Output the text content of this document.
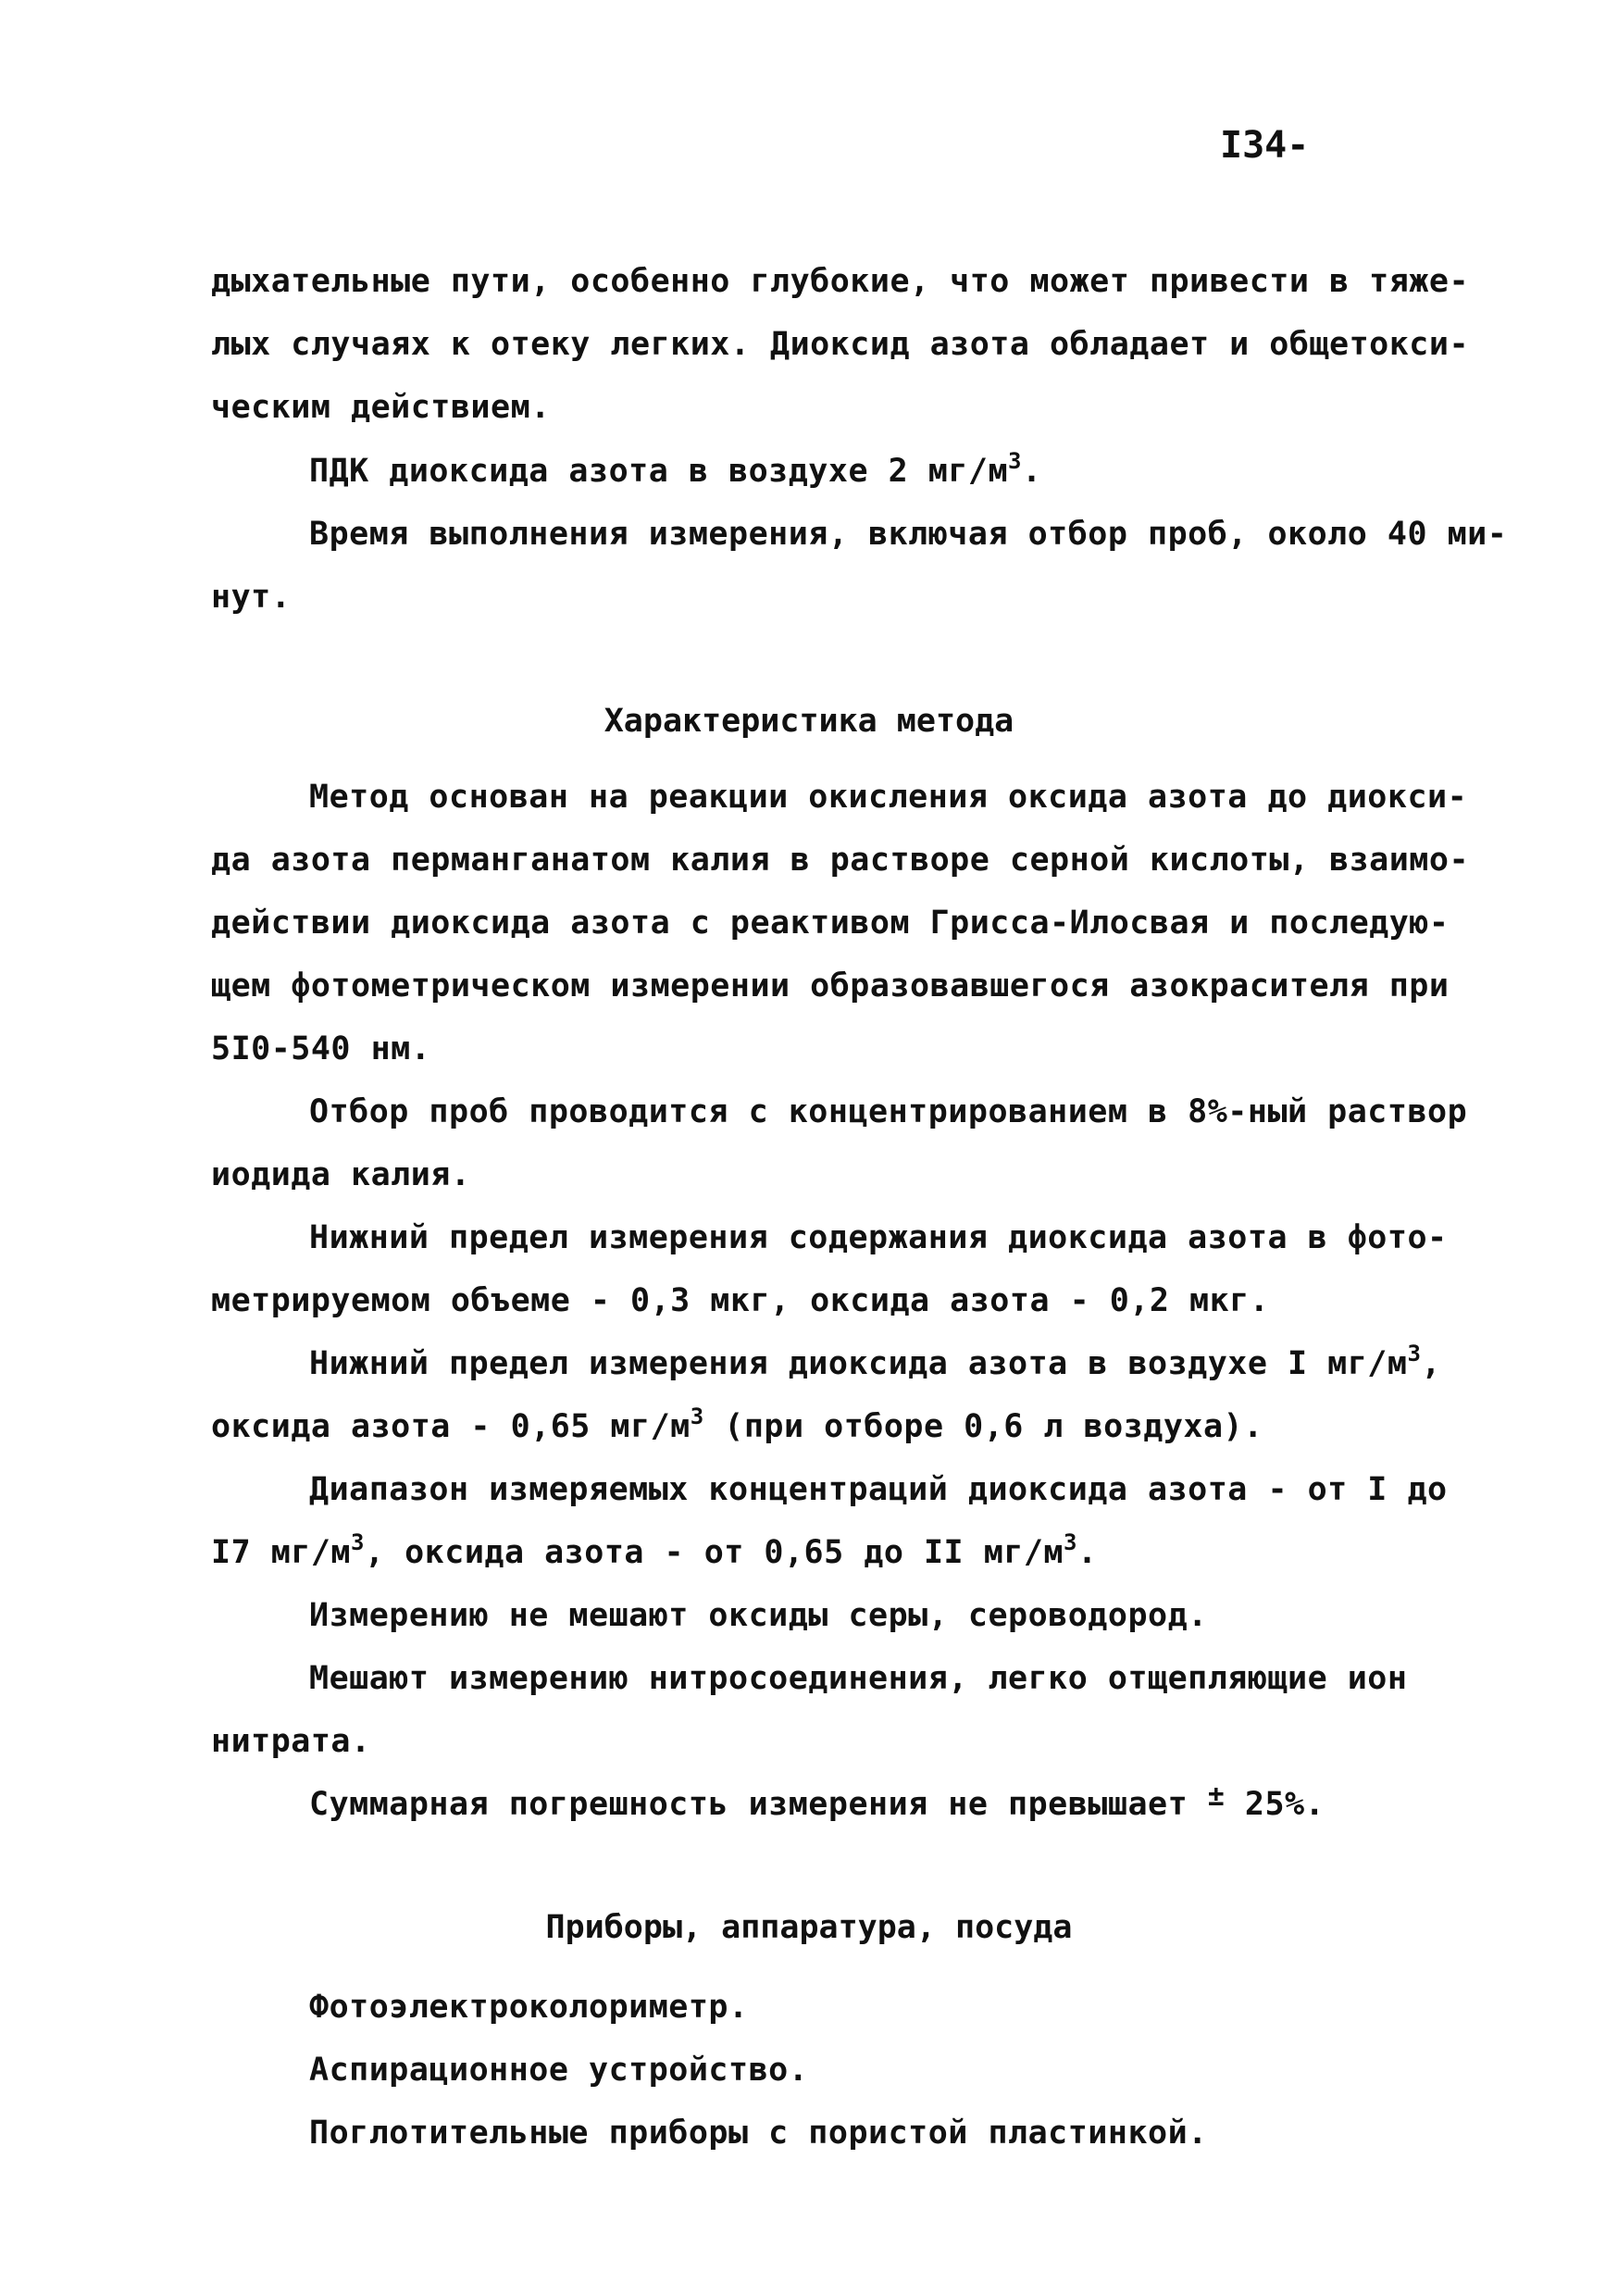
I34-
дыхательные пути, особенно глубокие, что может привести в тяже-
лых случаях к отеку легких. Диоксид азота обладает и общетокси-
ческим действием.
ПДК диоксида азота в воздухе 2 $мг/м^3$.
Время выполнения измерения, включая отбор проб, около 40 ми-
нут.
Характеристика метода
Метод основан на реакции окисления оксида азота до диокси-
да азота перманганатом калия в растворе серной кислоты, взаимо-
действии диоксида азота с реактивом Грисса-Илосвая и последую-
щем фотометрическом измерении образовавшегося азокрасителя при
5I0-540 нм.
Отбор проб проводится с концентрированием в 8%-ный раствор
иодида калия.
Нижний предел измерения содержания диоксида азота в фото-
метрируемом объеме - 0,3 мкг, оксида азота - 0,2 мкг.
Нижний предел измерения диоксида азота в воздухе I $мг/м^3$,
оксида азота - 0,65 $мг/м^3$ (при отборе 0,6 л воздуха).
Диапазон измеряемых концентраций диоксида азота - от I до
I7 $мг/м^3$, оксида азота - от 0,65 до II $мг/м^3$.
Измерению не мешают оксиды серы, сероводород.
Мешают измерению нитросоединения, легко отщепляющие ион
нитрата.
Суммарная погрешность измерения не превышает ± 25%.
Приборы, аппаратура, посуда
Фотоэлектроколориметр.
Аспирационное устройство.
Поглотительные приборы с пористой пластинкой.
